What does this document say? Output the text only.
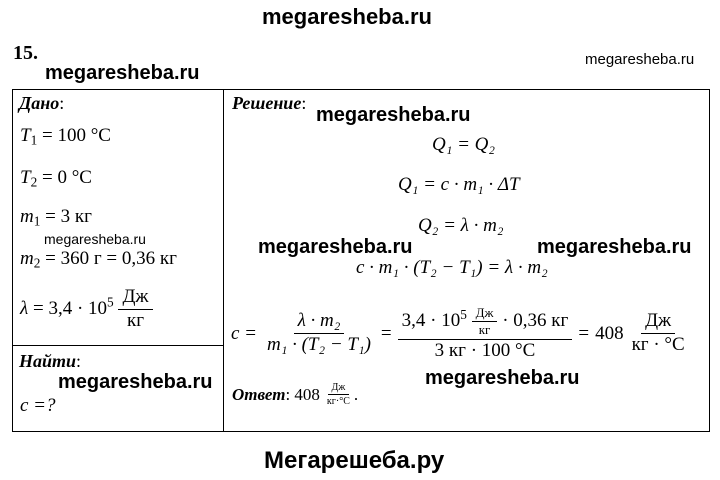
megaresheba.ru
15.	megaresheba.ru
megaresheba.ru
Дано:
$T_1 = 100$ °C
$T_2 = 0$ °C
$m_1 = 3$ кг
megaresheba.ru
$m_2 = 360$ г = 0,36 кг
$\lambda = 3,4 \cdot 10^5 \frac{Дж}{кг}$
Найти:
megaresheba.ru
c =?
Решение:
megaresheba.ru
Q₁ = Q₂
Q₁ = c · m₁ · ΔT
Q₂ = λ · m₂
megaresheba.ru	megaresheba.ru
c · m₁ · (T₂ − T₁) = λ · m₂
$c = \frac{\text{λ · m₂}}{\text{m₁ · (T₂ − T₁)}}$ =
$3,4 \cdot 10^5 \frac{Дж}{кг} \cdot 0,36$ кг
3 кг · 100 °C
= $408 \frac{Дж}{кг \cdot ^\circ C}$
megaresheba.ru
Ответ : $408 \frac{Дж}{кг\cdot^\circ С}$ .
Мегарешеба.ру
